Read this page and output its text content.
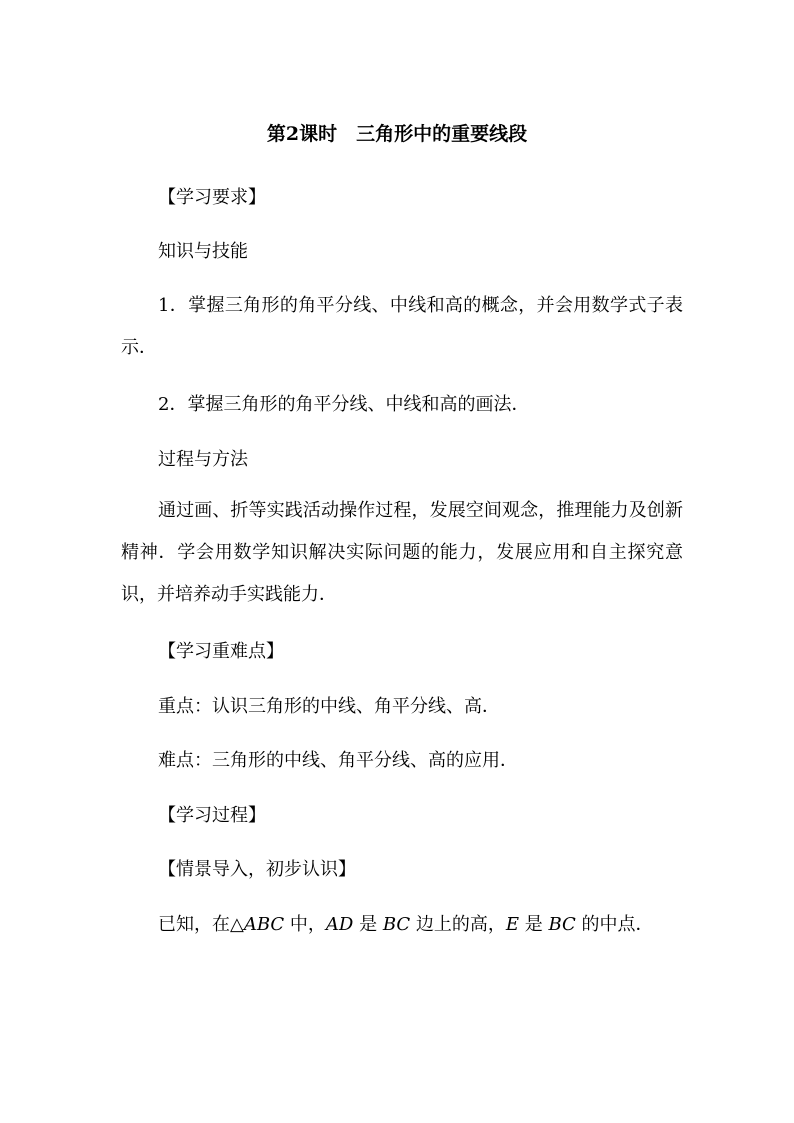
第2课时　三角形中的重要线段
【学习要求】
知识与技能
1．掌握三角形的角平分线、中线和高的概念，并会用数学式子表示．
2．掌握三角形的角平分线、中线和高的画法．
过程与方法
通过画、折等实践活动操作过程，发展空间观念，推理能力及创新精神．学会用数学知识解决实际问题的能力，发展应用和自主探究意识，并培养动手实践能力．
【学习重难点】
重点：认识三角形的中线、角平分线、高．
难点：三角形的中线、角平分线、高的应用．
【学习过程】
【情景导入，初步认识】
已知，在△ABC 中，AD 是 BC 边上的高，E 是 BC 的中点．
